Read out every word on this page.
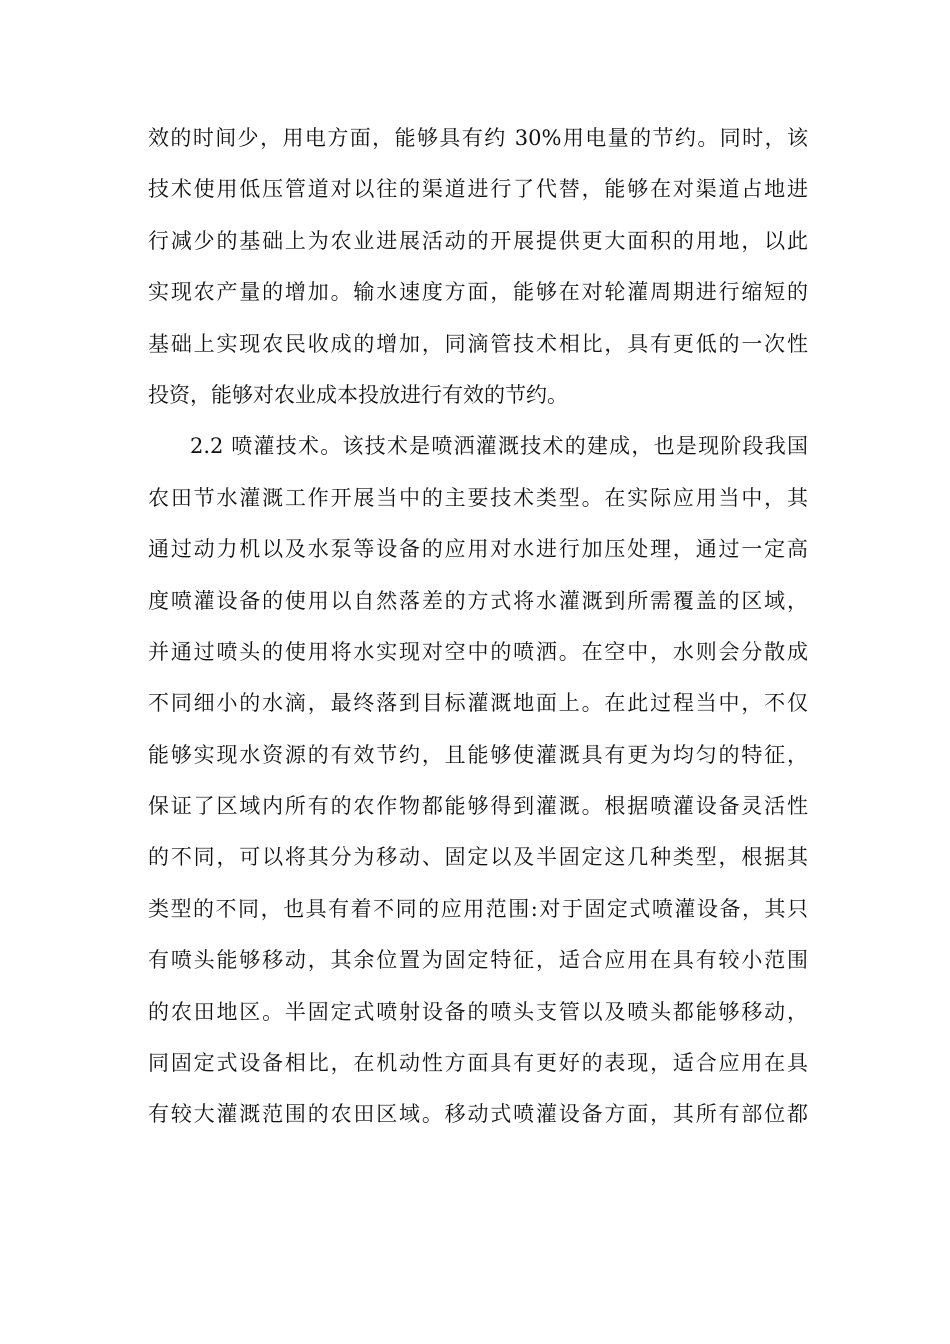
效的时间少，用电方面，能够具有约 30%用电量的节约。同时，该
技术使用低压管道对以往的渠道进行了代替，能够在对渠道占地进
行减少的基础上为农业进展活动的开展提供更大面积的用地，以此
实现农产量的增加。输水速度方面，能够在对轮灌周期进行缩短的
基础上实现农民收成的增加，同滴管技术相比，具有更低的一次性
投资，能够对农业成本投放进行有效的节约。
2.2 喷灌技术。该技术是喷洒灌溉技术的建成，也是现阶段我国
农田节水灌溉工作开展当中的主要技术类型。在实际应用当中，其
通过动力机以及水泵等设备的应用对水进行加压处理，通过一定高
度喷灌设备的使用以自然落差的方式将水灌溉到所需覆盖的区域，
并通过喷头的使用将水实现对空中的喷洒。在空中，水则会分散成
不同细小的水滴，最终落到目标灌溉地面上。在此过程当中，不仅
能够实现水资源的有效节约，且能够使灌溉具有更为均匀的特征，
保证了区域内所有的农作物都能够得到灌溉。根据喷灌设备灵活性
的不同，可以将其分为移动、固定以及半固定这几种类型，根据其
类型的不同，也具有着不同的应用范围:对于固定式喷灌设备，其只
有喷头能够移动，其余位置为固定特征，适合应用在具有较小范围
的农田地区。半固定式喷射设备的喷头支管以及喷头都能够移动，
同固定式设备相比，在机动性方面具有更好的表现，适合应用在具
有较大灌溉范围的农田区域。移动式喷灌设备方面，其所有部位都
